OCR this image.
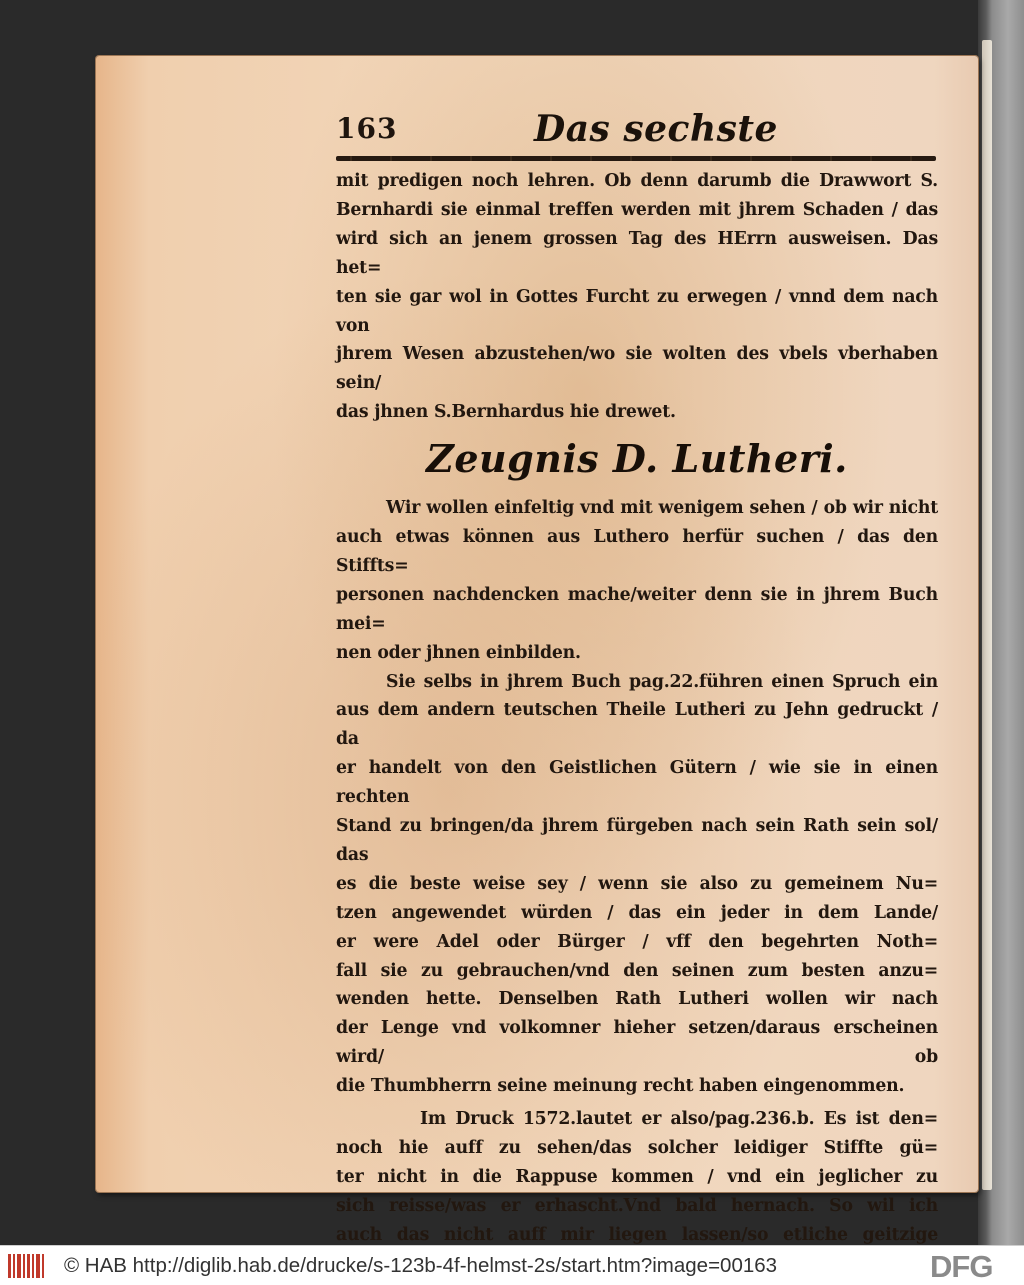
163	Das sechste
mit predigen noch lehren. Ob denn darumb die Drawwort S.
Bernhardi sie einmal treffen werden mit jhrem Schaden / das
wird sich an jenem grossen Tag des HErrn ausweisen. Das het=
ten sie gar wol in Gottes Furcht zu erwegen / vnnd dem nach von
jhrem Wesen abzustehen/wo sie wolten des vbels vberhaben sein/
das jhnen S.Bernhardus hie drewet.
Zeugnis D. Lutheri.
Wir wollen einfeltig vnd mit wenigem sehen / ob wir nicht
auch etwas können aus Luthero herfür suchen / das den Stiffts=
personen nachdencken mache/weiter denn sie in jhrem Buch mei=
nen oder jhnen einbilden.
Sie selbs in jhrem Buch pag.22.führen einen Spruch ein
aus dem andern teutschen Theile Lutheri zu Jehn gedruckt / da
er handelt von den Geistlichen Gütern / wie sie in einen rechten
Stand zu bringen/da jhrem fürgeben nach sein Rath sein sol/ das
es die beste weise sey / wenn sie also zu gemeinem Nu=
tzen angewendet würden / das ein jeder in dem Lande/
er were Adel oder Bürger / vff den begehrten Noth=
fall sie zu gebrauchen/vnd den seinen zum besten anzu=
wenden hette. Denselben Rath Lutheri wollen wir nach
der Lenge vnd volkomner hieher setzen/daraus erscheinen wird/ ob
die Thumbherrn seine meinung recht haben eingenommen.
Im Druck 1572.lautet er also/pag.236.b. Es ist den=
noch hie auff zu sehen/das solcher leidiger Stiffte gü=
ter nicht in die Rappuse kommen / vnd ein jeglicher zu
sich reisse/was er erhascht.Vnd bald hernach. So wil ich
auch das nicht auff mir liegen lassen/so etliche geitzige
© HAB http://diglib.hab.de/drucke/s-123b-4f-helmst-2s/start.htm?image=00163	DFG
